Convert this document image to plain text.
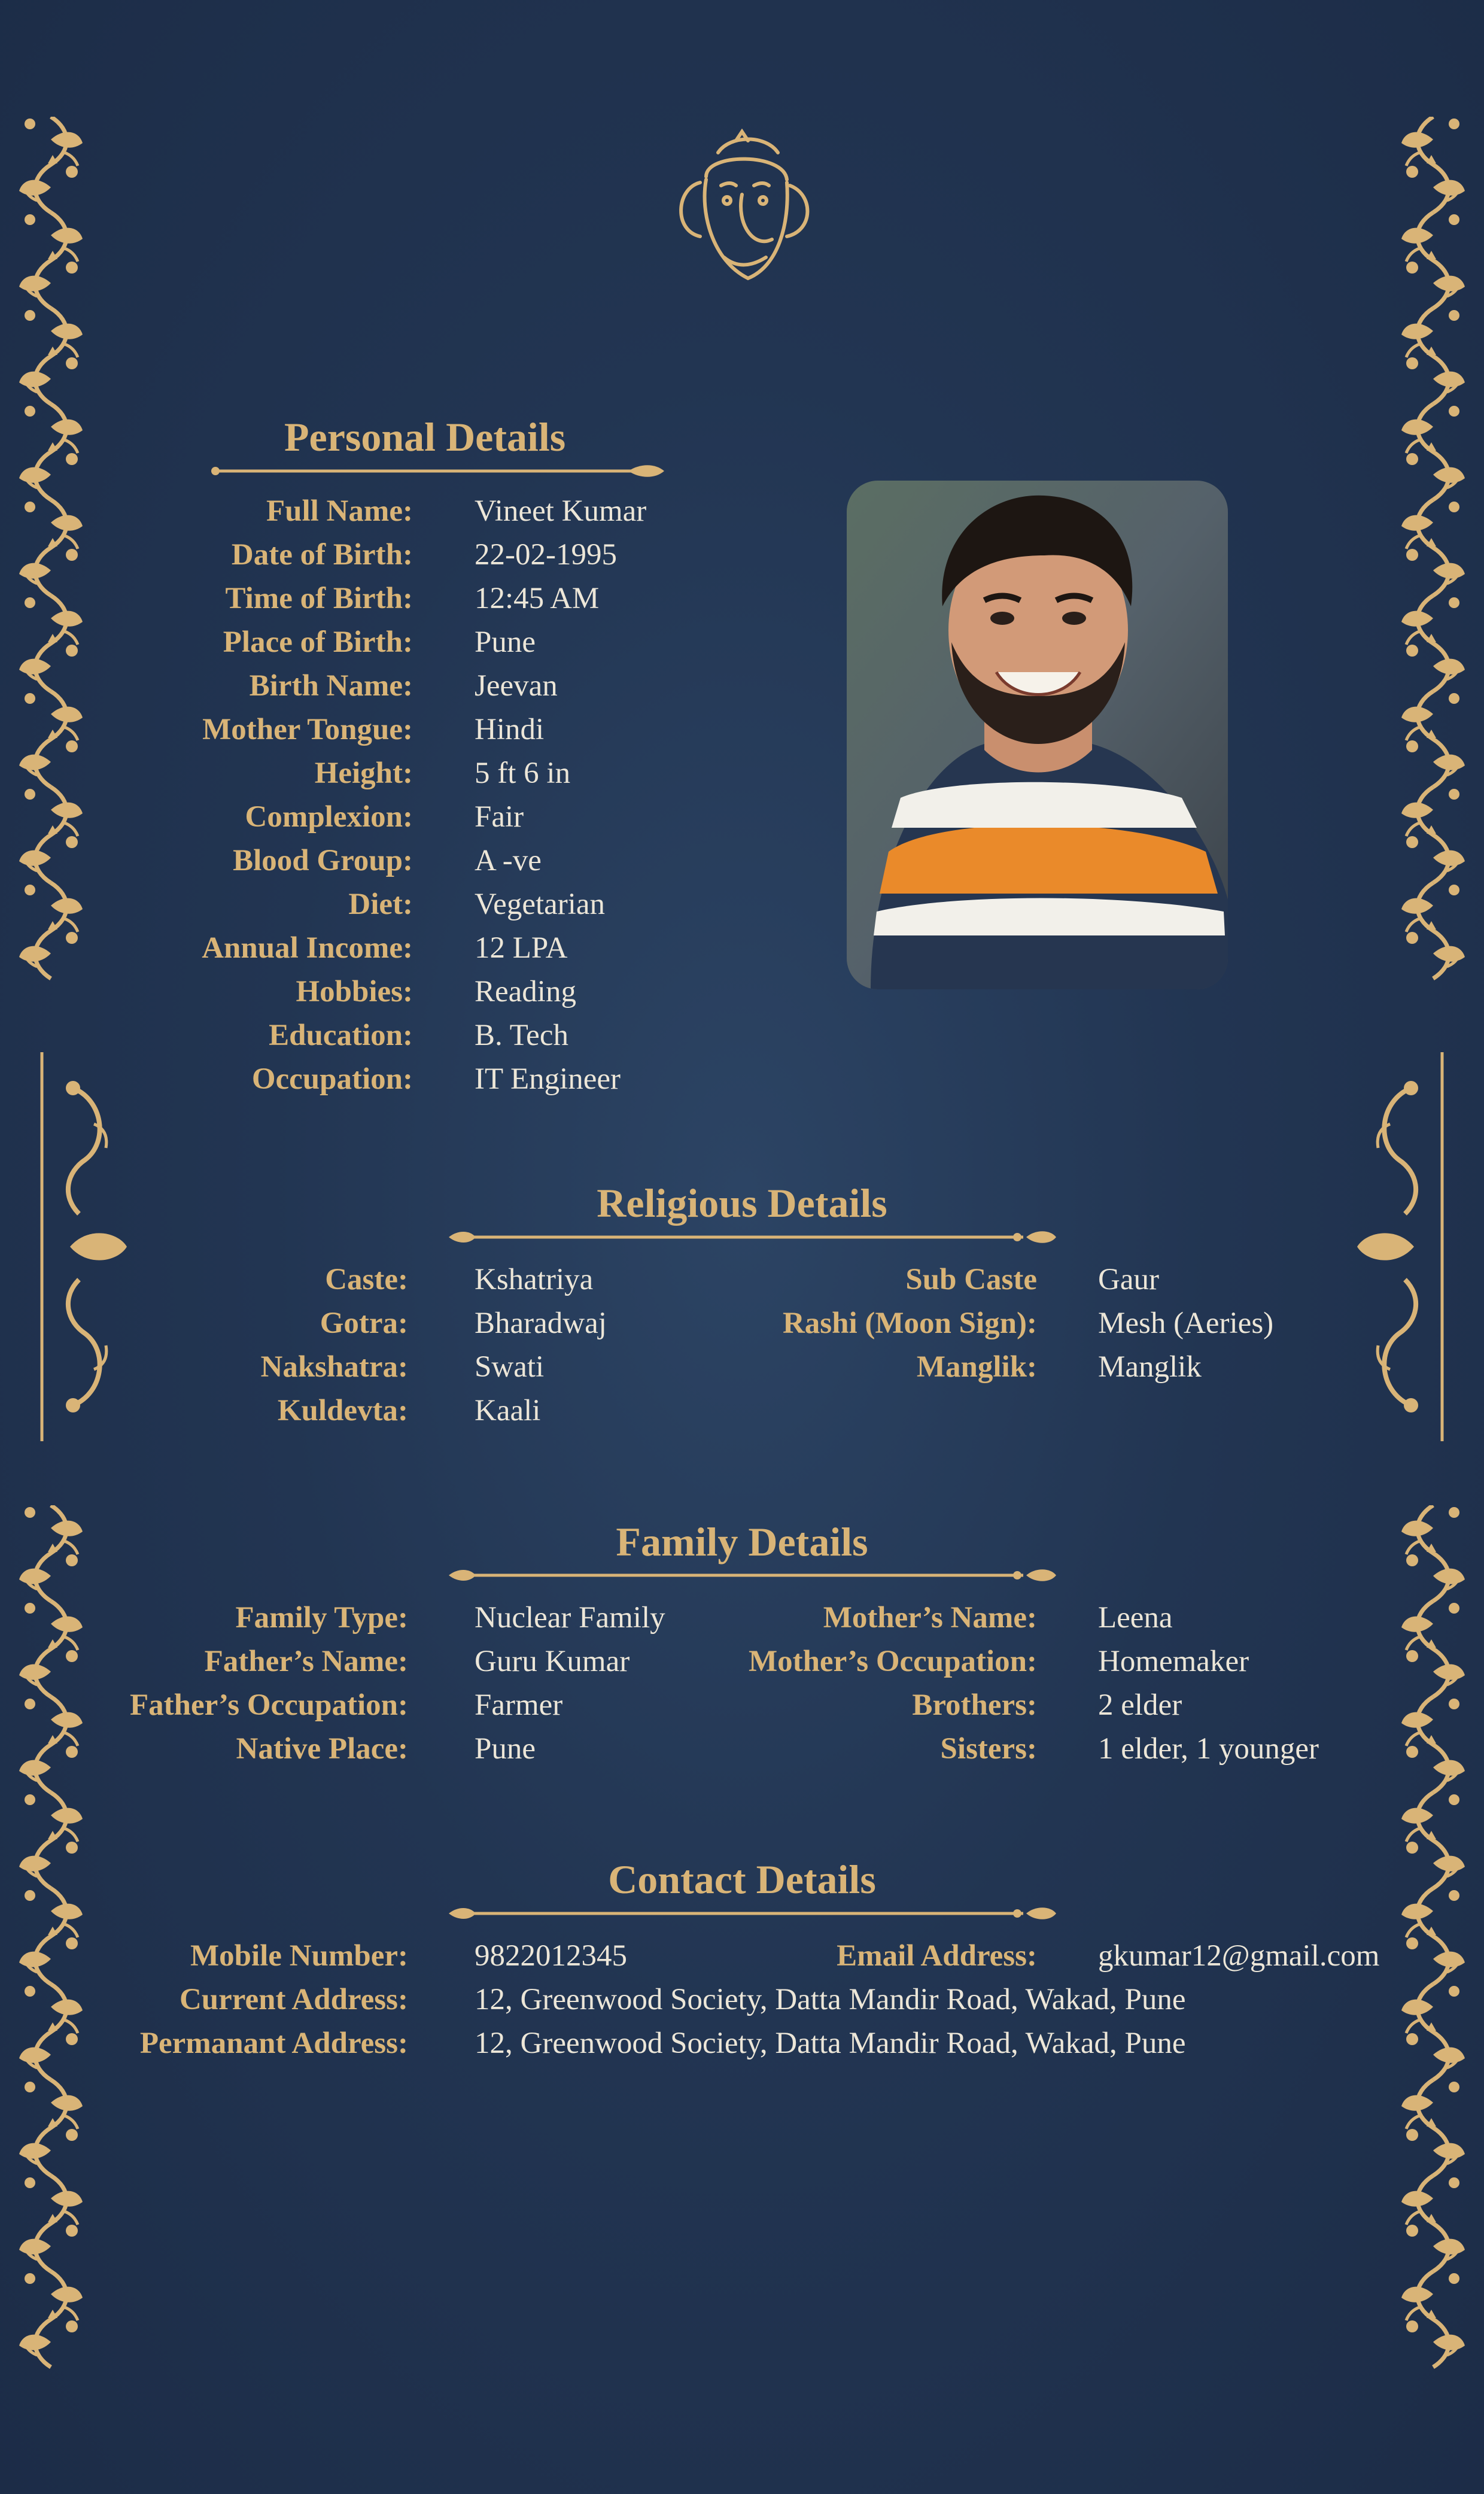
Personal Details
Full Name: Vineet Kumar
Date of Birth: 22-02-1995
Time of Birth: 12:45 AM
Place of Birth: Pune
Birth Name: Jeevan
Mother Tongue: Hindi
Height: 5 ft 6 in
Complexion: Fair
Blood Group: A -ve
Diet: Vegetarian
Annual Income: 12 LPA
Hobbies: Reading
Education: B. Tech
Occupation: IT Engineer
Religious Details
Caste: Kshatriya
Gotra: Bharadwaj
Nakshatra: Swati
Kuldevta: Kaali
Sub Caste Gaur
Rashi (Moon Sign): Mesh (Aeries)
Manglik: Manglik
Family Details
Family Type: Nuclear Family
Father’s Name: Guru Kumar
Father’s Occupation: Farmer
Native Place: Pune
Mother’s Name: Leena
Mother’s Occupation: Homemaker
Brothers: 2 elder
Sisters: 1 elder, 1 younger
Contact Details
Mobile Number: 9822012345	Email Address: gkumar12@gmail.com
Current Address: 12, Greenwood Society, Datta Mandir Road, Wakad, Pune
Permanant Address: 12, Greenwood Society, Datta Mandir Road, Wakad, Pune
